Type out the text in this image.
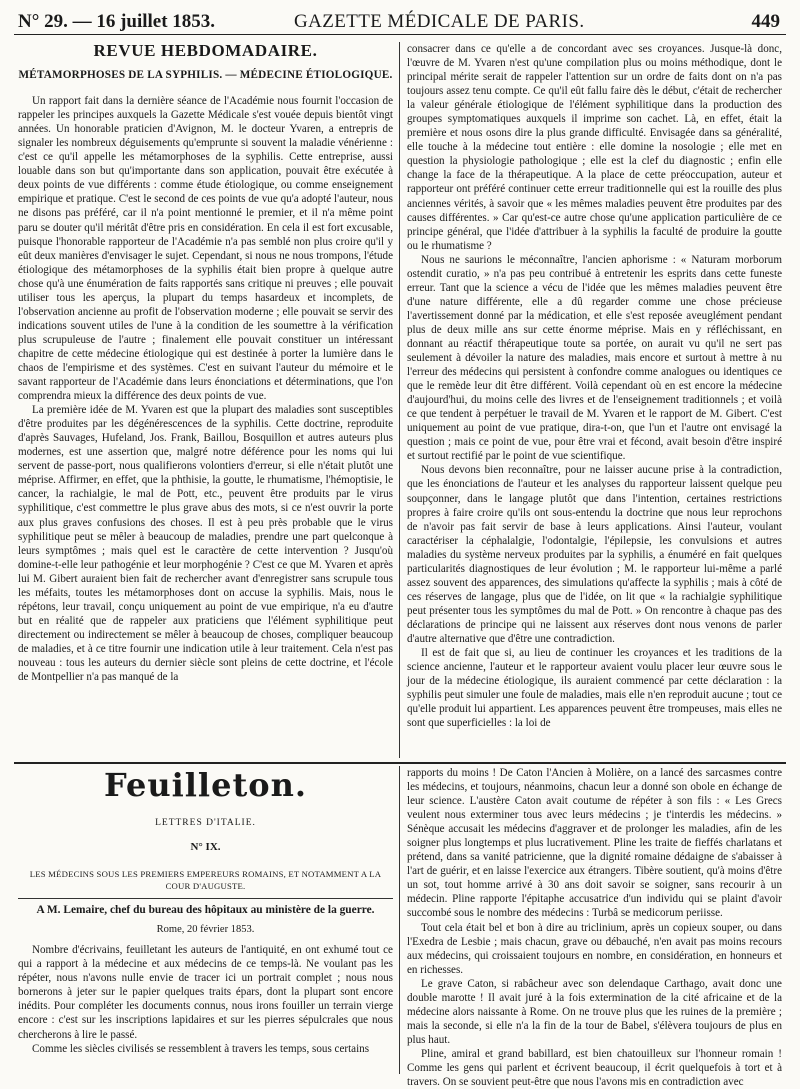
N° 29. — 16 juillet 1853.	GAZETTE MÉDICALE DE PARIS.	449
REVUE HEBDOMADAIRE.
MÉTAMORPHOSES DE LA SYPHILIS. — MÉDECINE ÉTIOLOGIQUE.

Un rapport fait dans la dernière séance de l'Académie nous fournit l'occasion de rappeler les principes auxquels la Gazette Médicale s'est vouée depuis bientôt vingt années. Un honorable praticien d'Avignon, M. le docteur Yvaren, a entrepris de signaler les nombreux déguisements qu'emprunte si souvent la maladie vénérienne : c'est ce qu'il appelle les métamorphoses de la syphilis. Cette entreprise, aussi louable dans son but qu'importante dans son application, pouvait être exécutée à deux points de vue différents : comme étude étiologique, ou comme enseignement empirique et pratique. C'est le second de ces points de vue qu'a adopté l'auteur, nous ne disons pas préféré, car il n'a point mentionné le premier, et il n'a même point paru se douter qu'il méritât d'être pris en considération. En cela il est fort excusable, puisque l'honorable rapporteur de l'Académie n'a pas semblé non plus croire qu'il y eût deux manières d'envisager le sujet. Cependant, si nous ne nous trompons, l'étude étiologique des métamorphoses de la syphilis était bien propre à quelque autre chose qu'à une énumération de faits rapportés sans critique ni preuves ; elle pouvait utiliser tous les aperçus, la plupart du temps hasardeux et incomplets, de l'observation ancienne au profit de l'observation moderne ; elle pouvait se servir des indications souvent utiles de l'une à la condition de les soumettre à la vérification plus scrupuleuse de l'autre ; finalement elle pouvait constituer un intéressant chapitre de cette médecine étiologique qui est destinée à porter la lumière dans le chaos de l'empirisme et des systèmes. C'est en suivant l'auteur du mémoire et le savant rapporteur de l'Académie dans leurs énonciations et déterminations, que l'on comprendra mieux la différence des deux points de vue.

La première idée de M. Yvaren est que la plupart des maladies sont susceptibles d'être produites par les dégénérescences de la syphilis. Cette doctrine, reproduite d'après Sauvages, Hufeland, Jos. Frank, Baillou, Bosquillon et autres auteurs plus modernes, est une assertion que, malgré notre déférence pour les noms qui lui servent de passe-port, nous qualifierons volontiers d'erreur, si elle n'était plutôt une méprise. Affirmer, en effet, que la phthisie, la goutte, le rhumatisme, l'hémoptisie, le cancer, la rachialgie, le mal de Pott, etc., peuvent être produits par le virus syphilitique, c'est commettre le plus grave abus des mots, si ce n'est ouvrir la porte aux plus graves confusions des choses. Il est à peu près probable que le virus syphilitique peut se mêler à beaucoup de maladies, prendre une part quelconque à leurs symptômes ; mais quel est le caractère de cette intervention ? Jusqu'où domine-t-elle leur pathogénie et leur morphogénie ? C'est ce que M. Yvaren et après lui M. Gibert auraient bien fait de rechercher avant d'enregistrer sans scrupule tous les méfaits, toutes les métamorphoses dont on accuse la syphilis. Mais, nous le répétons, leur travail, conçu uniquement au point de vue empirique, n'a eu d'autre but en réalité que de rappeler aux praticiens que l'élément syphilitique peut directement ou indirectement se mêler à beaucoup de choses, compliquer beaucoup de maladies, et à ce titre fournir une indication utile à leur traitement. Cela n'est pas nouveau : tous les auteurs du dernier siècle sont pleins de cette doctrine, et l'école de Montpellier n'a pas manqué de la

consacrer dans ce qu'elle a de concordant avec ses croyances. Jusque-là donc, l'œuvre de M. Yvaren n'est qu'une compilation plus ou moins méthodique, dont le principal mérite serait de rappeler l'attention sur un ordre de faits dont on n'a pas toujours assez tenu compte. Ce qu'il eût fallu faire dès le début, c'était de rechercher la valeur générale étiologique de l'élément syphilitique dans la production des groupes symptomatiques auxquels il imprime son cachet. Là, en effet, était la première et nous osons dire la plus grande difficulté. Envisagée dans sa généralité, elle touche à la médecine tout entière : elle domine la nosologie ; elle met en question la physiologie pathologique ; elle est la clef du diagnostic ; enfin elle change la face de la thérapeutique. A la place de cette préoccupation, auteur et rapporteur ont préféré continuer cette erreur traditionnelle qui est la rouille des plus anciennes vérités, à savoir que « les mêmes maladies peuvent être produites par des causes différentes. » Car qu'est-ce autre chose qu'une application particulière de ce principe général, que l'idée d'attribuer à la syphilis la faculté de produire la goutte ou le rhumatisme ?

Nous ne saurions le méconnaître, l'ancien aphorisme : « Naturam morborum ostendit curatio, » n'a pas peu contribué à entretenir les esprits dans cette funeste erreur. Tant que la science a vécu de l'idée que les mêmes maladies peuvent être d'une nature différente, elle a dû regarder comme une chose précieuse l'avertissement donné par la médication, et elle s'est reposée aveuglément pendant plus de deux mille ans sur cette énorme méprise. Mais en y réfléchissant, en donnant au réactif thérapeutique toute sa portée, on aurait vu qu'il ne sert pas seulement à dévoiler la nature des maladies, mais encore et surtout à mettre à nu l'erreur des médecins qui persistent à confondre comme analogues ou identiques ce que le remède leur dit être différent. Voilà cependant où en est encore la médecine d'aujourd'hui, du moins celle des livres et de l'enseignement traditionnels ; et voilà ce que tendent à perpétuer le travail de M. Yvaren et le rapport de M. Gibert. C'est uniquement au point de vue pratique, dira-t-on, que l'un et l'autre ont envisagé la question ; mais ce point de vue, pour être vrai et fécond, avait besoin d'être inspiré et surtout rectifié par le point de vue scientifique.

Nous devons bien reconnaître, pour ne laisser aucune prise à la contradiction, que les énonciations de l'auteur et les analyses du rapporteur laissent quelque peu soupçonner, dans le langage plutôt que dans l'intention, certaines restrictions propres à faire croire qu'ils ont sous-entendu la doctrine que nous leur reprochons de n'avoir pas fait servir de base à leurs applications. Ainsi l'auteur, voulant caractériser la céphalalgie, l'odontalgie, l'épilepsie, les convulsions et autres maladies du système nerveux produites par la syphilis, a énuméré en fait quelques particularités diagnostiques de leur évolution ; M. le rapporteur lui-même a parlé assez souvent des apparences, des simulations qu'affecte la syphilis ; mais à côté de ces réserves de langage, plus que de l'idée, on lit que « la rachialgie syphilitique peut présenter tous les symptômes du mal de Pott. » On rencontre à chaque pas des déclarations de principe qui ne laissent aux réserves dont nous venons de parler d'autre alternative que d'être une contradiction.

Il est de fait que si, au lieu de continuer les croyances et les traditions de la science ancienne, l'auteur et le rapporteur avaient voulu placer leur œuvre sous le jour de la médecine étiologique, ils auraient commencé par cette déclaration : la syphilis peut simuler une foule de maladies, mais elle n'en reproduit aucune ; tout ce qu'elle produit lui appartient. Les apparences peuvent être trompeuses, mais elles ne sont que superficielles : la loi de

Feuilleton.
LETTRES D'ITALIE.
N° IX.
LES MÉDECINS SOUS LES PREMIERS EMPEREURS ROMAINS, ET NOTAMMENT A LA COUR D'AUGUSTE.
A M. Lemaire, chef du bureau des hôpitaux au ministère de la guerre.
Rome, 20 février 1853.

Nombre d'écrivains, feuilletant les auteurs de l'antiquité, en ont exhumé tout ce qui a rapport à la médecine et aux médecins de ce temps-là. Ne voulant pas les répéter, nous n'avons nulle envie de tracer ici un portrait complet ; nous nous bornerons à jeter sur le papier quelques traits épars, dont la plupart sont encore inédits. Pour compléter les documents connus, nous irons fouiller un terrain vierge encore : c'est sur les inscriptions lapidaires et sur les pierres sépulcrales que nous chercherons à lire le passé.

Comme les siècles civilisés se ressemblent à travers les temps, sous certains

rapports du moins ! De Caton l'Ancien à Molière, on a lancé des sarcasmes contre les médecins, et toujours, néanmoins, chacun leur a donné son obole en échange de leur science. L'austère Caton avait coutume de répéter à son fils : « Les Grecs veulent nous exterminer tous avec leurs médecins ; je t'interdis les médecins. » Sénèque accusait les médecins d'aggraver et de prolonger les maladies, afin de les soigner plus longtemps et plus lucrativement. Pline les traite de fieffés charlatans et prétend, dans sa vanité patricienne, que la dignité romaine dédaigne de s'abaisser à l'art de guérir, et en laisse l'exercice aux étrangers. Tibère soutient, qu'à moins d'être un sot, tout homme arrivé à 30 ans doit savoir se soigner, sans recourir à un médecin. Pline rapporte l'épitaphe accusatrice d'un individu qui se plaint d'avoir succombé sous le nombre des médecins : Turbâ se medicorum periisse.

Tout cela était bel et bon à dire au triclinium, après un copieux souper, ou dans l'Exedra de Lesbie ; mais chacun, grave ou débauché, n'en avait pas moins recours aux médecins, qui croissaient toujours en nombre, en considération, en honneurs et en richesses.

Le grave Caton, si rabâcheur avec son delendaque Carthago, avait donc une double marotte ! Il avait juré à la fois extermination de la cité africaine et de la médecine alors naissante à Rome. On ne trouve plus que les ruines de la première ; mais la seconde, si elle n'a la fin de la tour de Babel, s'élèvera toujours de plus en plus haut.

Pline, amiral et grand babillard, est bien chatouilleux sur l'honneur romain ! Comme les gens qui parlent et écrivent beaucoup, il écrit quelquefois à tort et à travers. On se souvient peut-être que nous l'avons mis en contradiction avec
